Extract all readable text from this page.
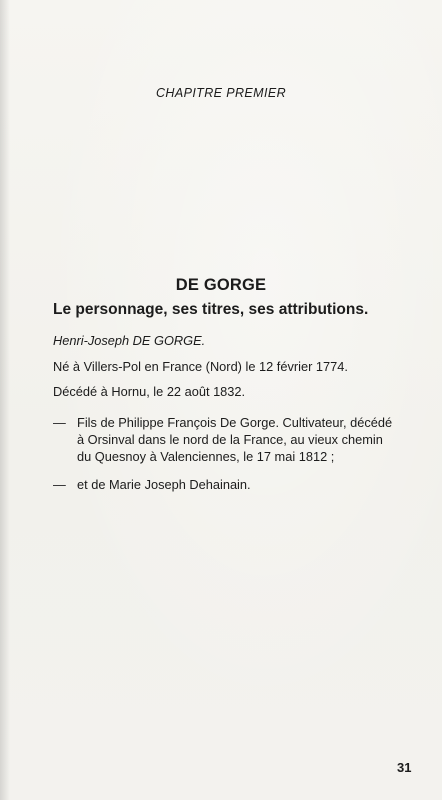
CHAPITRE PREMIER
DE GORGE
Le personnage, ses titres, ses attributions.
Henri-Joseph DE GORGE.
Né à Villers-Pol en France (Nord) le 12 février 1774.
Décédé à Hornu, le 22 août 1832.
— Fils de Philippe François De Gorge. Cultivateur, décédé à Orsinval dans le nord de la France, au vieux chemin du Quesnoy à Valenciennes, le 17 mai 1812 ;
— et de Marie Joseph Dehainain.
31
